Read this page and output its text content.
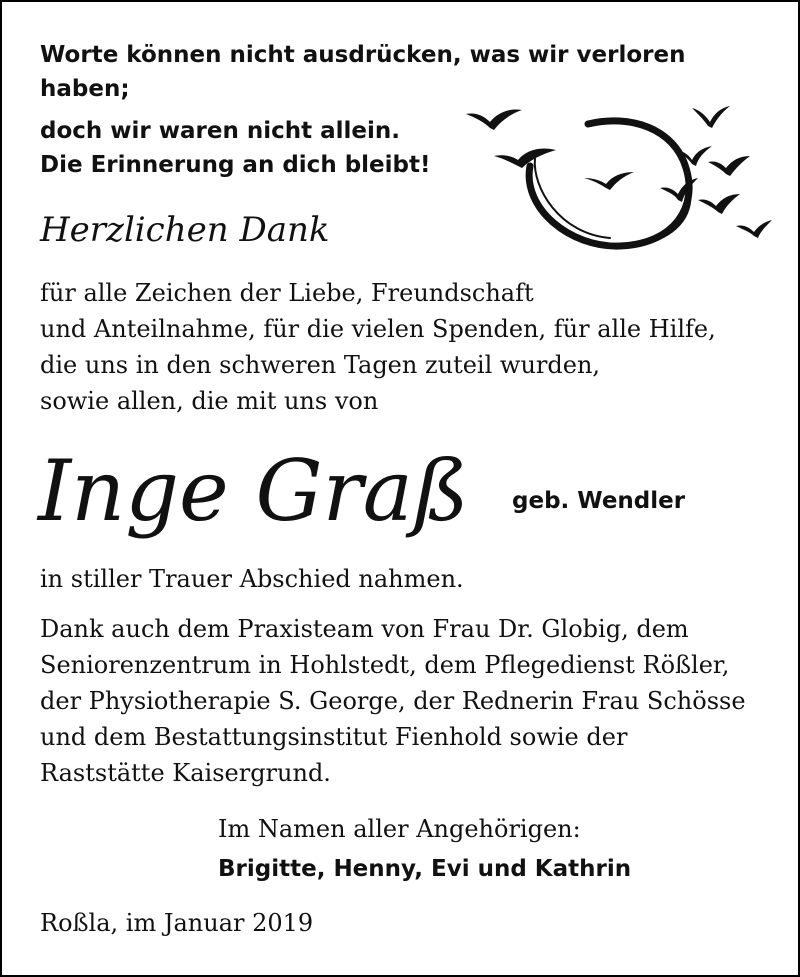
Worte können nicht ausdrücken, was wir verloren
haben;
doch wir waren nicht allein.
Die Erinnerung an dich bleibt!
Herzlichen Dank
für alle Zeichen der Liebe, Freundschaft
und Anteilnahme, für die vielen Spenden, für alle Hilfe,
die uns in den schweren Tagen zuteil wurden,
sowie allen, die mit uns von
Inge Graß geb. Wendler
in stiller Trauer Abschied nahmen.
Dank auch dem Praxisteam von Frau Dr. Globig, dem
Seniorenzentrum in Hohlstedt, dem Pflegedienst Rößler,
der Physiotherapie S. George, der Rednerin Frau Schösse
und dem Bestattungsinstitut Fienhold sowie der
Raststätte Kaisergrund.
Im Namen aller Angehörigen:
Brigitte, Henny, Evi und Kathrin
Roßla, im Januar 2019
